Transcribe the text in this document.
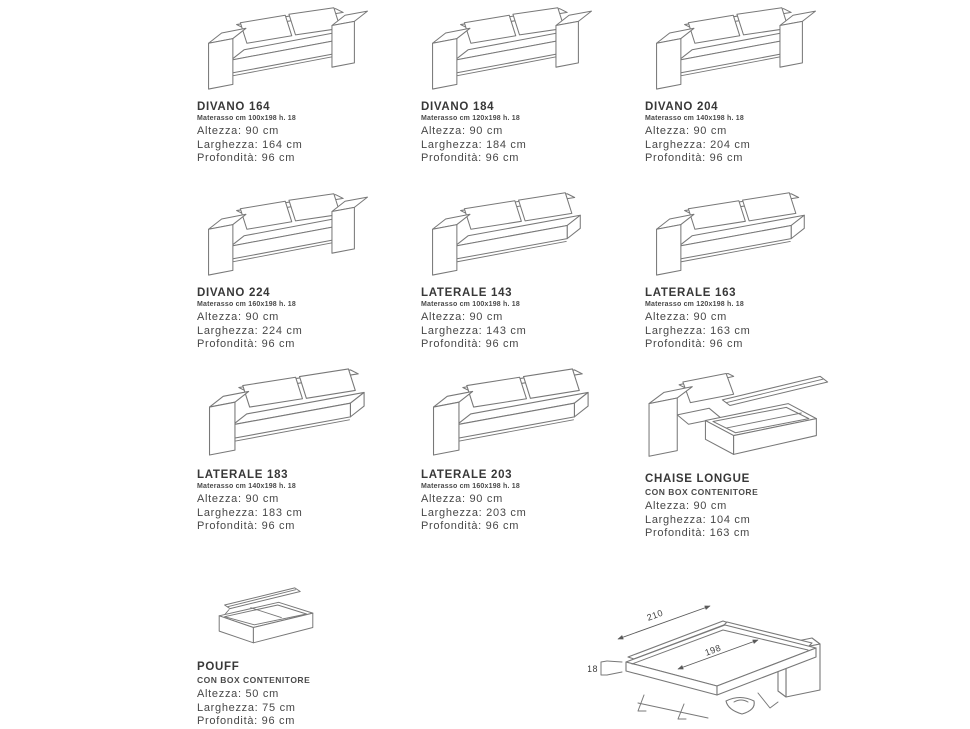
DIVANO 164
Materasso cm 100x198 h. 18
Altezza: 90 cm
Larghezza: 164 cm
Profondità: 96 cm
DIVANO 184
Materasso cm 120x198 h. 18
Altezza: 90 cm
Larghezza: 184 cm
Profondità: 96 cm
DIVANO 204
Materasso cm 140x198 h. 18
Altezza: 90 cm
Larghezza: 204 cm
Profondità: 96 cm
DIVANO 224
Materasso cm 160x198 h. 18
Altezza: 90 cm
Larghezza: 224 cm
Profondità: 96 cm
LATERALE 143
Materasso cm 100x198 h. 18
Altezza: 90 cm
Larghezza: 143 cm
Profondità: 96 cm
LATERALE 163
Materasso cm 120x198 h. 18
Altezza: 90 cm
Larghezza: 163 cm
Profondità: 96 cm
LATERALE 183
Materasso cm 140x198 h. 18
Altezza: 90 cm
Larghezza: 183 cm
Profondità: 96 cm
LATERALE 203
Materasso cm 160x198 h. 18
Altezza: 90 cm
Larghezza: 203 cm
Profondità: 96 cm
CHAISE LONGUE
CON BOX CONTENITORE
Altezza: 90 cm
Larghezza: 104 cm
Profondità: 163 cm
POUFF
CON BOX CONTENITORE
Altezza: 50 cm
Larghezza: 75 cm
Profondità: 96 cm
210
198
18
